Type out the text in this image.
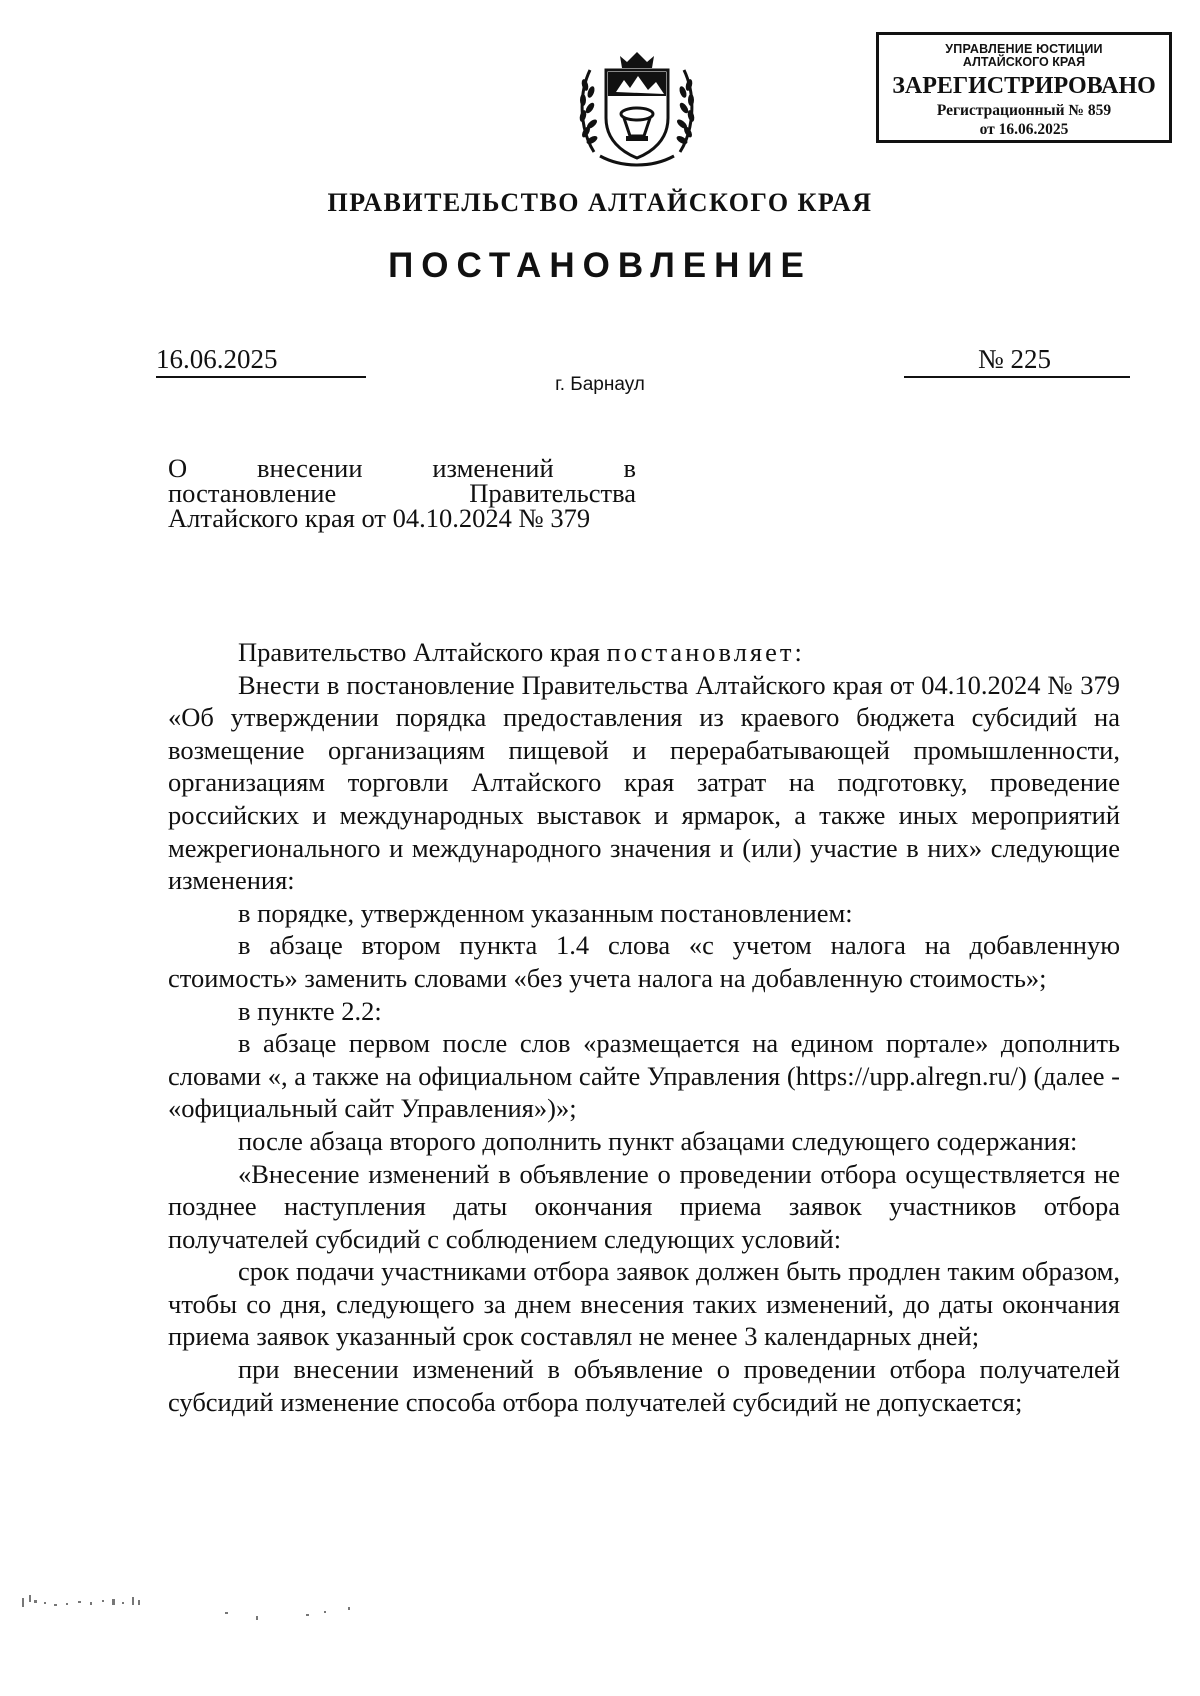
УПРАВЛЕНИЕ ЮСТИЦИИ
АЛТАЙСКОГО КРАЯ
ЗАРЕГИСТРИРОВАНО
Регистрационный № 859
от 16.06.2025
ПРАВИТЕЛЬСТВО АЛТАЙСКОГО КРАЯ
ПОСТАНОВЛЕНИЕ
16.06.2025	№ 225
г. Барнаул
О внесении изменений в
постановление Правительства
Алтайского края от 04.10.2024 № 379

Правительство Алтайского края постановляет:

Внести в постановление Правительства Алтайского края от 04.10.2024 № 379 «Об утверждении порядка предоставления из краевого бюджета субсидий на возмещение организациям пищевой и перерабатывающей промышленности, организациям торговли Алтайского края затрат на подготовку, проведение российских и международных выставок и ярмарок, а также иных мероприятий межрегионального и международного значения и (или) участие в них» следующие изменения:

в порядке, утвержденном указанным постановлением:

в абзаце втором пункта 1.4 слова «с учетом налога на добавленную стоимость» заменить словами «без учета налога на добавленную стоимость»;

в пункте 2.2:

в абзаце первом после слов «размещается на едином портале» дополнить словами «, а также на официальном сайте Управления (https://upp.alregn.ru/) (далее - «официальный сайт Управления»)»;

после абзаца второго дополнить пункт абзацами следующего содержания:

«Внесение изменений в объявление о проведении отбора осуществляется не позднее наступления даты окончания приема заявок участников отбора получателей субсидий с соблюдением следующих условий:

срок подачи участниками отбора заявок должен быть продлен таким образом, чтобы со дня, следующего за днем внесения таких изменений, до даты окончания приема заявок указанный срок составлял не менее 3 календарных дней;

при внесении изменений в объявление о проведении отбора получателей субсидий изменение способа отбора получателей субсидий не допускается;
